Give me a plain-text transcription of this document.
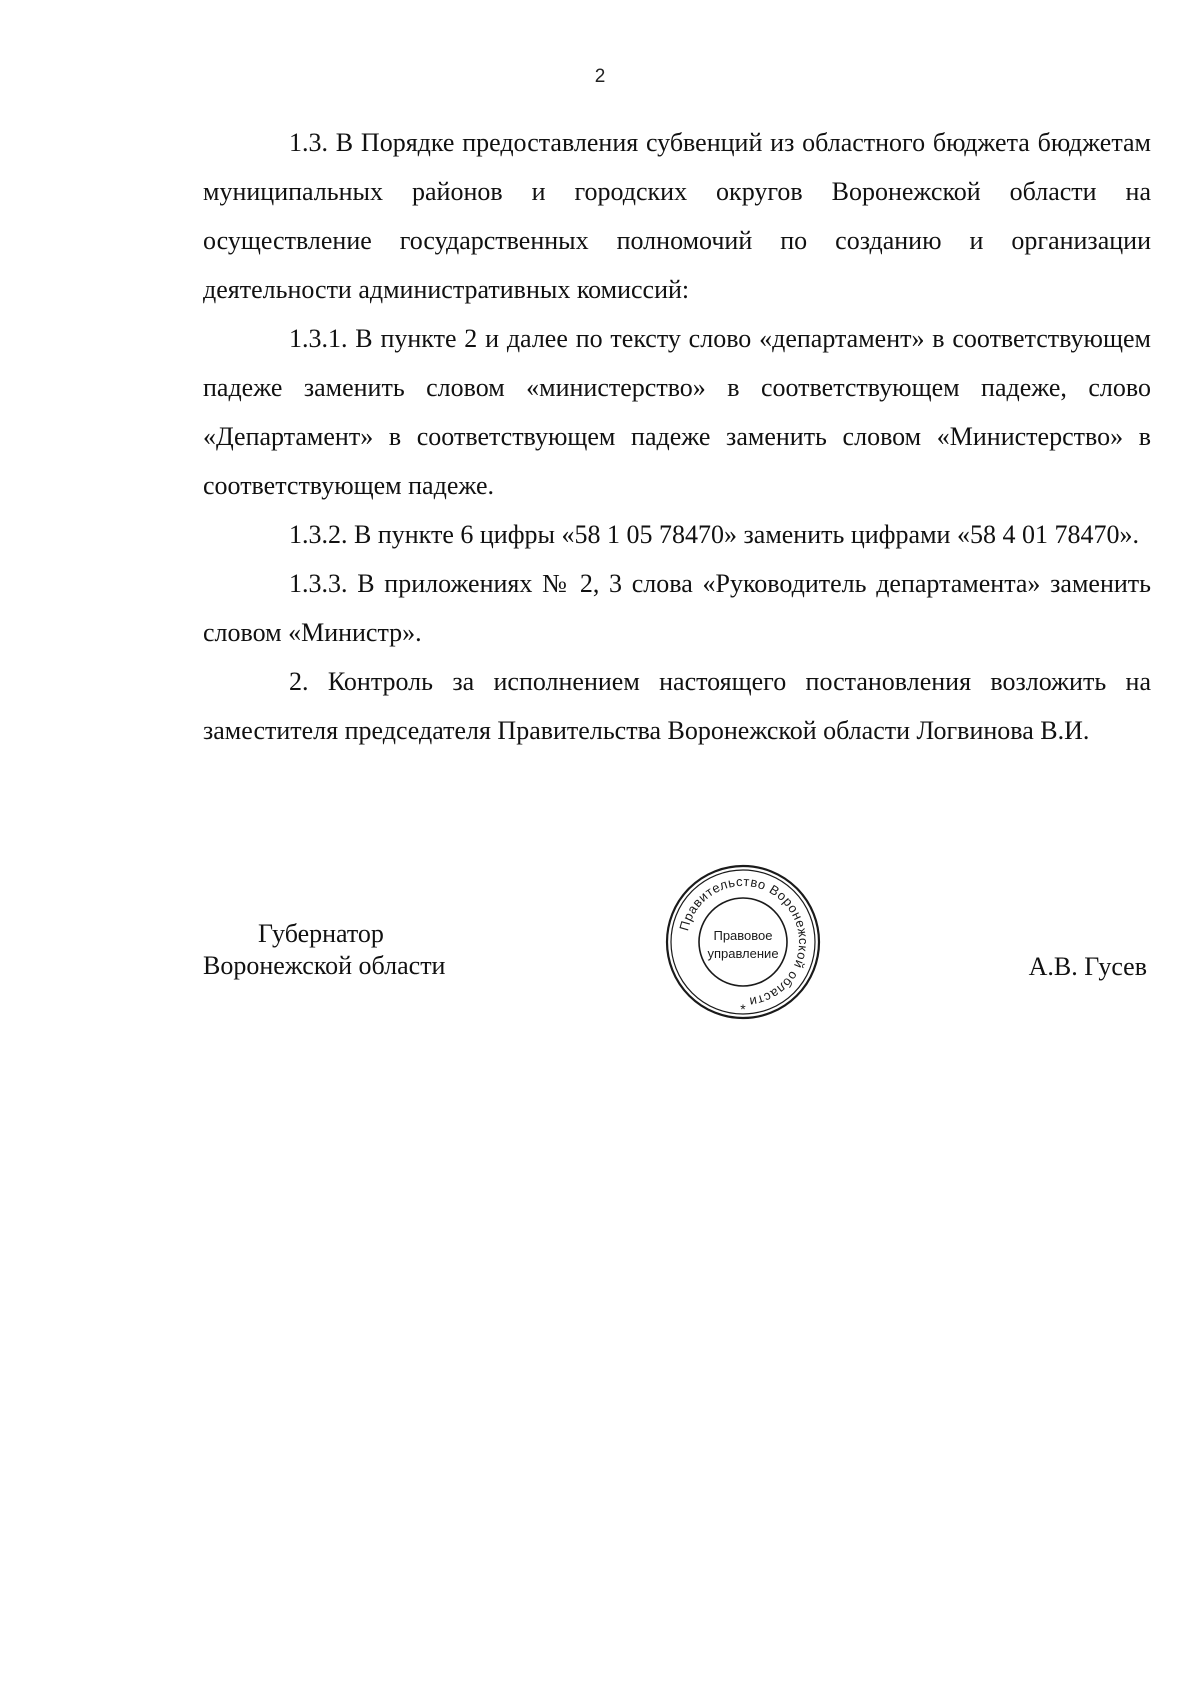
2

1.3. В Порядке предоставления субвенций из областного бюджета бюджетам муниципальных районов и городских округов Воронежской области на осуществление государственных полномочий по созданию и организации деятельности административных комиссий:

1.3.1. В пункте 2 и далее по тексту слово «департамент» в соответствующем падеже заменить словом «министерство» в соответствующем падеже, слово «Департамент» в соответствующем падеже заменить словом «Министерство» в соответствующем падеже.

1.3.2. В пункте 6 цифры «58 1 05 78470» заменить цифрами «58 4 01 78470».

1.3.3. В приложениях № 2, 3 слова «Руководитель департамента» заменить словом «Министр».

2. Контроль за исполнением настоящего постановления возложить на заместителя председателя Правительства Воронежской области Логвинова В.И.

Губернатор
Воронежской области	А.В. Гусев
Правительство Воронежской области
Правовое
управление
*
